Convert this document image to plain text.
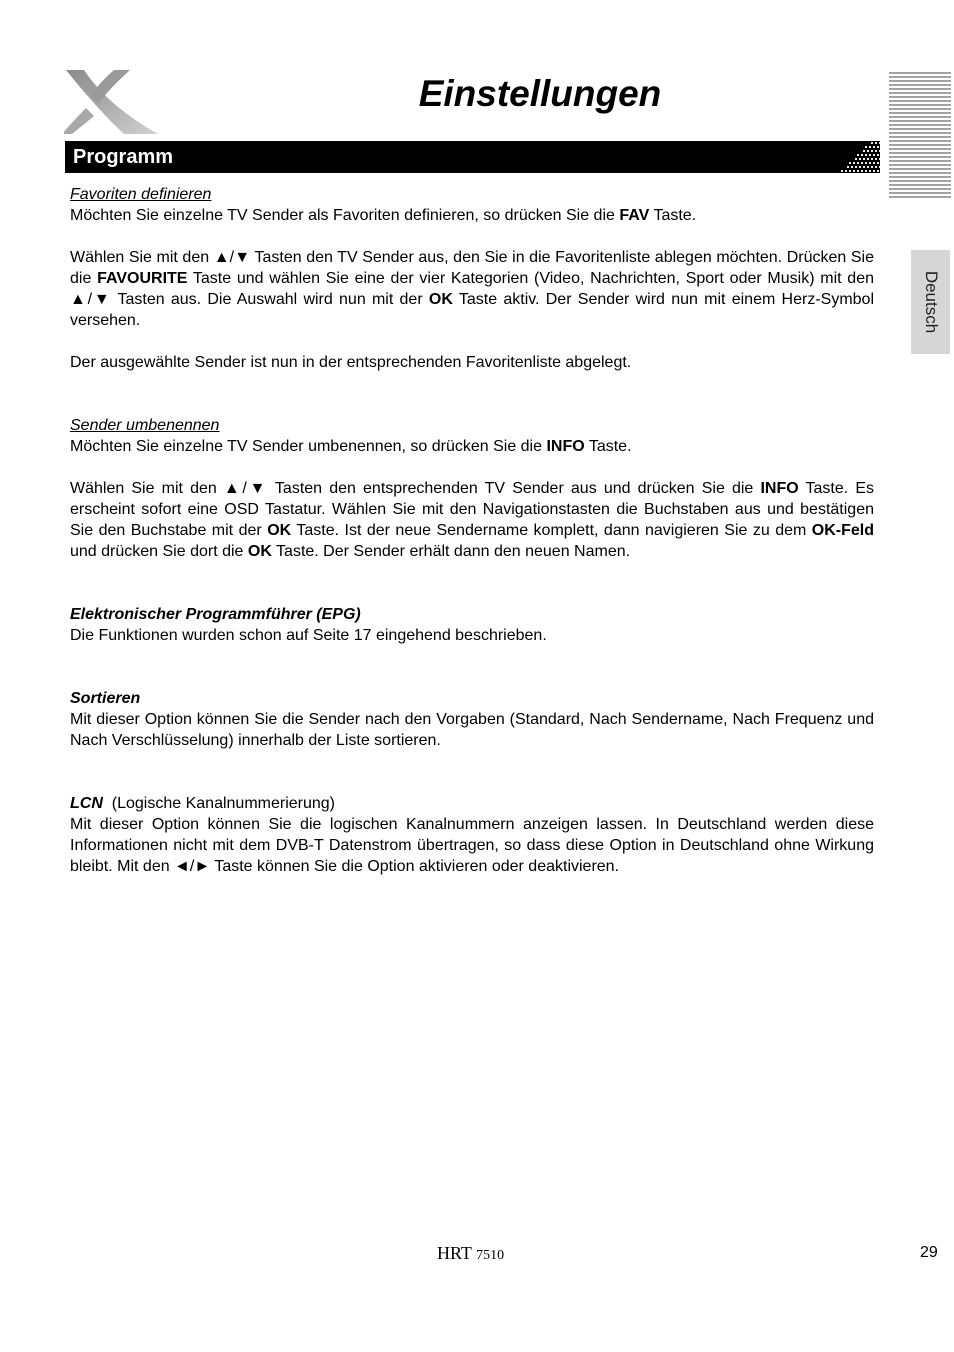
Einstellungen
Programm
Deutsch

Favoriten definieren

Möchten Sie einzelne TV Sender als Favoriten definieren, so drücken Sie die FAV Taste.

Wählen Sie mit den ▲/▼ Tasten den TV Sender aus, den Sie in die Favoritenliste ablegen möchten. Drücken Sie die FAVOURITE Taste und wählen Sie eine der vier Kategorien (Video, Nachrichten, Sport oder Musik) mit den ▲/▼ Tasten aus. Die Auswahl wird nun mit der OK Taste aktiv. Der Sender wird nun mit einem Herz-Symbol versehen.

Der ausgewählte Sender ist nun in der entsprechenden Favoritenliste abgelegt.

Sender umbenennen

Möchten Sie einzelne TV Sender umbenennen, so drücken Sie die INFO Taste.

Wählen Sie mit den ▲/▼ Tasten den entsprechenden TV Sender aus und drücken Sie die INFO Taste. Es erscheint sofort eine OSD Tastatur. Wählen Sie mit den Navigationstasten die Buchstaben aus und bestätigen Sie den Buchstabe mit der OK Taste. Ist der neue Sendername komplett, dann navigieren Sie zu dem OK-Feld und drücken Sie dort die OK Taste. Der Sender erhält dann den neuen Namen.

Elektronischer Programmführer (EPG)

Die Funktionen wurden schon auf Seite 17 eingehend beschrieben.

Sortieren

Mit dieser Option können Sie die Sender nach den Vorgaben (Standard, Nach Sendername, Nach Frequenz und Nach Verschlüsselung) innerhalb der Liste sortieren.

LCN (Logische Kanalnummerierung)

Mit dieser Option können Sie die logischen Kanalnummern anzeigen lassen. In Deutschland werden diese Informationen nicht mit dem DVB-T Datenstrom übertragen, so dass diese Option in Deutschland ohne Wirkung bleibt. Mit den ◄/► Taste können Sie die Option aktivieren oder deaktivieren.

HRT 7510	29
